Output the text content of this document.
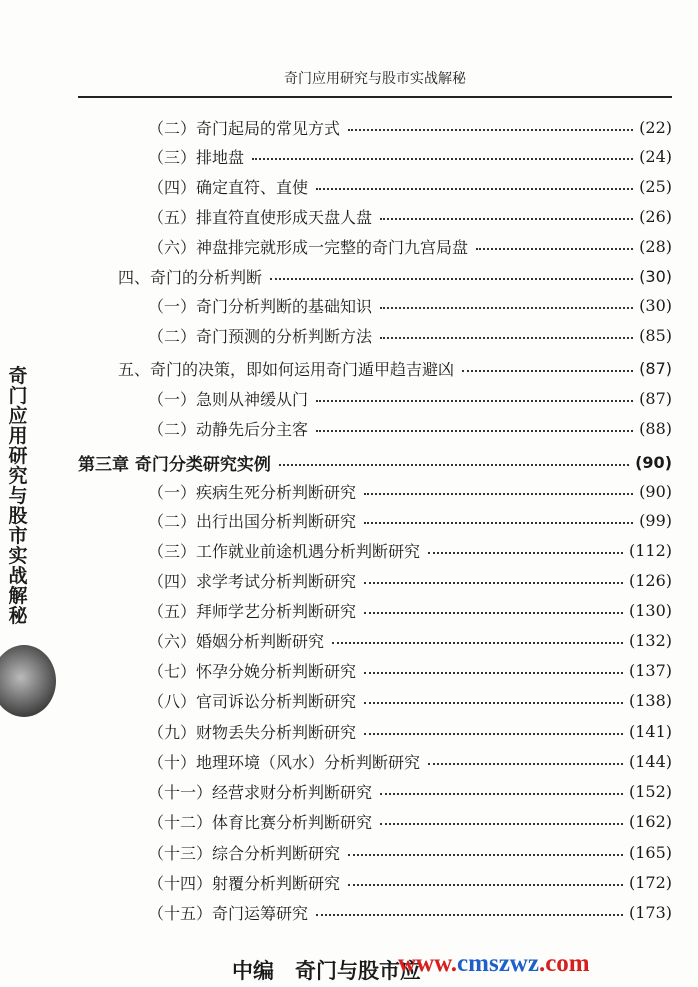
奇门应用研究与股市实战解秘
奇门应用研究与股市实战解秘
（二）奇门起局的常见方式	(22)
（三）排地盘	(24)
（四）确定直符、直使	(25)
（五）排直符直使形成天盘人盘	(26)
（六）神盘排完就形成一完整的奇门九宫局盘	(28)
四、奇门的分析判断	(30)
（一）奇门分析判断的基础知识	(30)
（二）奇门预测的分析判断方法	(85)
五、奇门的决策，即如何运用奇门遁甲趋吉避凶	(87)
（一）急则从神缓从门	(87)
（二）动静先后分主客	(88)
第三章 奇门分类研究实例	(90)
（一）疾病生死分析判断研究	(90)
（二）出行出国分析判断研究	(99)
（三）工作就业前途机遇分析判断研究	(112)
（四）求学考试分析判断研究	(126)
（五）拜师学艺分析判断研究	(130)
（六）婚姻分析判断研究	(132)
（七）怀孕分娩分析判断研究	(137)
（八）官司诉讼分析判断研究	(138)
（九）财物丢失分析判断研究	(141)
（十）地理环境（风水）分析判断研究	(144)
（十一）经营求财分析判断研究	(152)
（十二）体育比赛分析判断研究	(162)
（十三）综合分析判断研究	(165)
（十四）射覆分析判断研究	(172)
（十五）奇门运筹研究	(173)
中编　奇门与股市应
www.cmszwz.com
